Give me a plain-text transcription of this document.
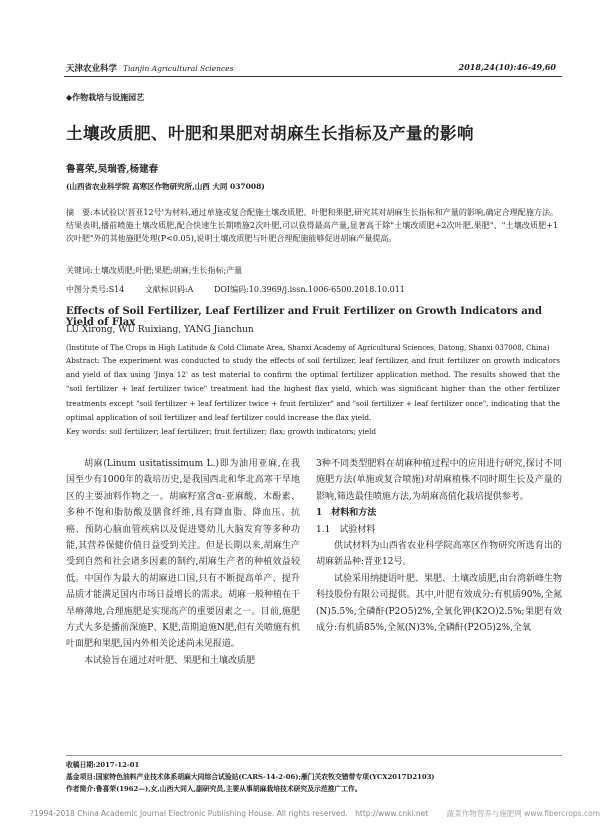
天津农业科学 Tianjin Agricultural Sciences	2018,24(10):46-49,60
◆作物栽培与设施园艺
土壤改质肥、叶肥和果肥对胡麻生长指标及产量的影响
鲁喜荣,吴瑞香,杨建春
(山西省农业科学院 高寒区作物研究所,山西 大同 037008)
摘　要:本试验以'晋亚12号'为材料,通过单施或复合配施土壤改质肥、叶肥和果肥,研究其对胡麻生长指标和产量的影响,确定合理配施方法。结果表明,播前喷施土壤改质肥,配合快速生长期喷施2次叶肥,可以获得最高产量,显著高于除"土壤改质肥+2次叶肥,果肥"、"土壤改质肥+1次叶肥"外的其他施肥处理(P<0.05),说明土壤改质肥与叶肥合理配施能够促进胡麻产量提高。
关键词:土壤改质肥;叶肥;果肥;胡麻;生长指标;产量
中图分类号:S14	文献标识码:A	DOI编码:10.3969/j.issn.1006-6500.2018.10.011
Effects of Soil Fertilizer, Leaf Fertilizer and Fruit Fertilizer on Growth Indicators and Yield of Flax
LU Xirong, WU Ruixiang, YANG Jianchun
(Institute of The Crops in High Latitude & Cold Climate Area, Shanxi Academy of Agricultural Sciences, Datong, Shanxi 037008, China)
Abstract: The experiment was conducted to study the effects of soil fertilizer, leaf fertilizer, and fruit fertilizer on growth indicators and yield of flax using 'Jinya 12' as test material to confirm the optimal fertilizer application method. The results showed that the "soil fertilizer + leaf fertilizer twice" treatment had the highest flax yield, which was significant higher than the other fertilizer treatments except "soil fertilizer + leaf fertilizer twice + fruit fertilizer" and "soil fertilizer + leaf fertilizer once", indicating that the optimal application of soil fertilizer and leaf fertilizer could increase the flax yield.
Key words: soil fertilizer; leaf fertilizer; fruit fertilizer; flax; growth indicators; yield

胡麻(Linum usitatissimum L.)即为油用亚麻,在我国至少有1000年的栽培历史,是我国西北和华北高寒干旱地区的主要油料作物之一。胡麻籽富含α-亚麻酸、木酚素、多种不饱和脂肪酸及膳食纤维,具有降血脂、降血压、抗癌、预防心脑血管疾病以及促进婴幼儿大脑发育等多种功能,其营养保健价值日益受到关注。但是长期以来,胡麻生产受到自然和社会诸多因素的制约,胡麻生产者的种植效益较低。中国作为最大的胡麻进口国,只有不断提高单产、提升品质才能满足国内市场日益增长的需求。胡麻一般种植在干旱瘠薄地,合理施肥是实现高产的重要因素之一。目前,施肥方式大多是播前深施P、K肥,苗期追施N肥,但有关喷施有机叶面肥和果肥,国内外相关论述尚未见报道。

本试验旨在通过对叶肥、果肥和土壤改质肥

3种不同类型肥料在胡麻种植过程中的应用进行研究,探讨不同施肥方法(单施或复合喷施)对胡麻植株不同时期生长及产量的影响,筛选最佳喷施方法,为胡麻高值化栽培提供参考。

1　材料和方法

1.1　试验材料

供试材料为山西省农业科学院高寒区作物研究所选育出的胡麻新品种:晋亚12号。

试验采用纳捷语叶肥、果肥、土壤改质肥,由台湾新峰生物科技股份有限公司提供。其中,叶肥有效成分:有机质90%,全氮(N)5.5%,全磷酐(P2O5)2%,全氧化钾(K2O)2.5%;果肥有效成分:有机质85%,全氮(N)3%,全磷酐(P2O5)2%,全氧

收稿日期:2017-12-01
基金项目:国家特色油料产业技术体系胡麻大同综合试验站(CARS-14-2-06);雁门关农牧交错带专项(YCX2017D2103)
作者简介:鲁喜荣(1962—),女,山西大同人,副研究员,主要从事胡麻栽培技术研究及示范推广工作。
?1994-2018 China Academic Journal Electronic Publishing House. All rights reserved.　http://www.cnki.net 蔬菜作物营养与施肥网 www.fibercrops.com
